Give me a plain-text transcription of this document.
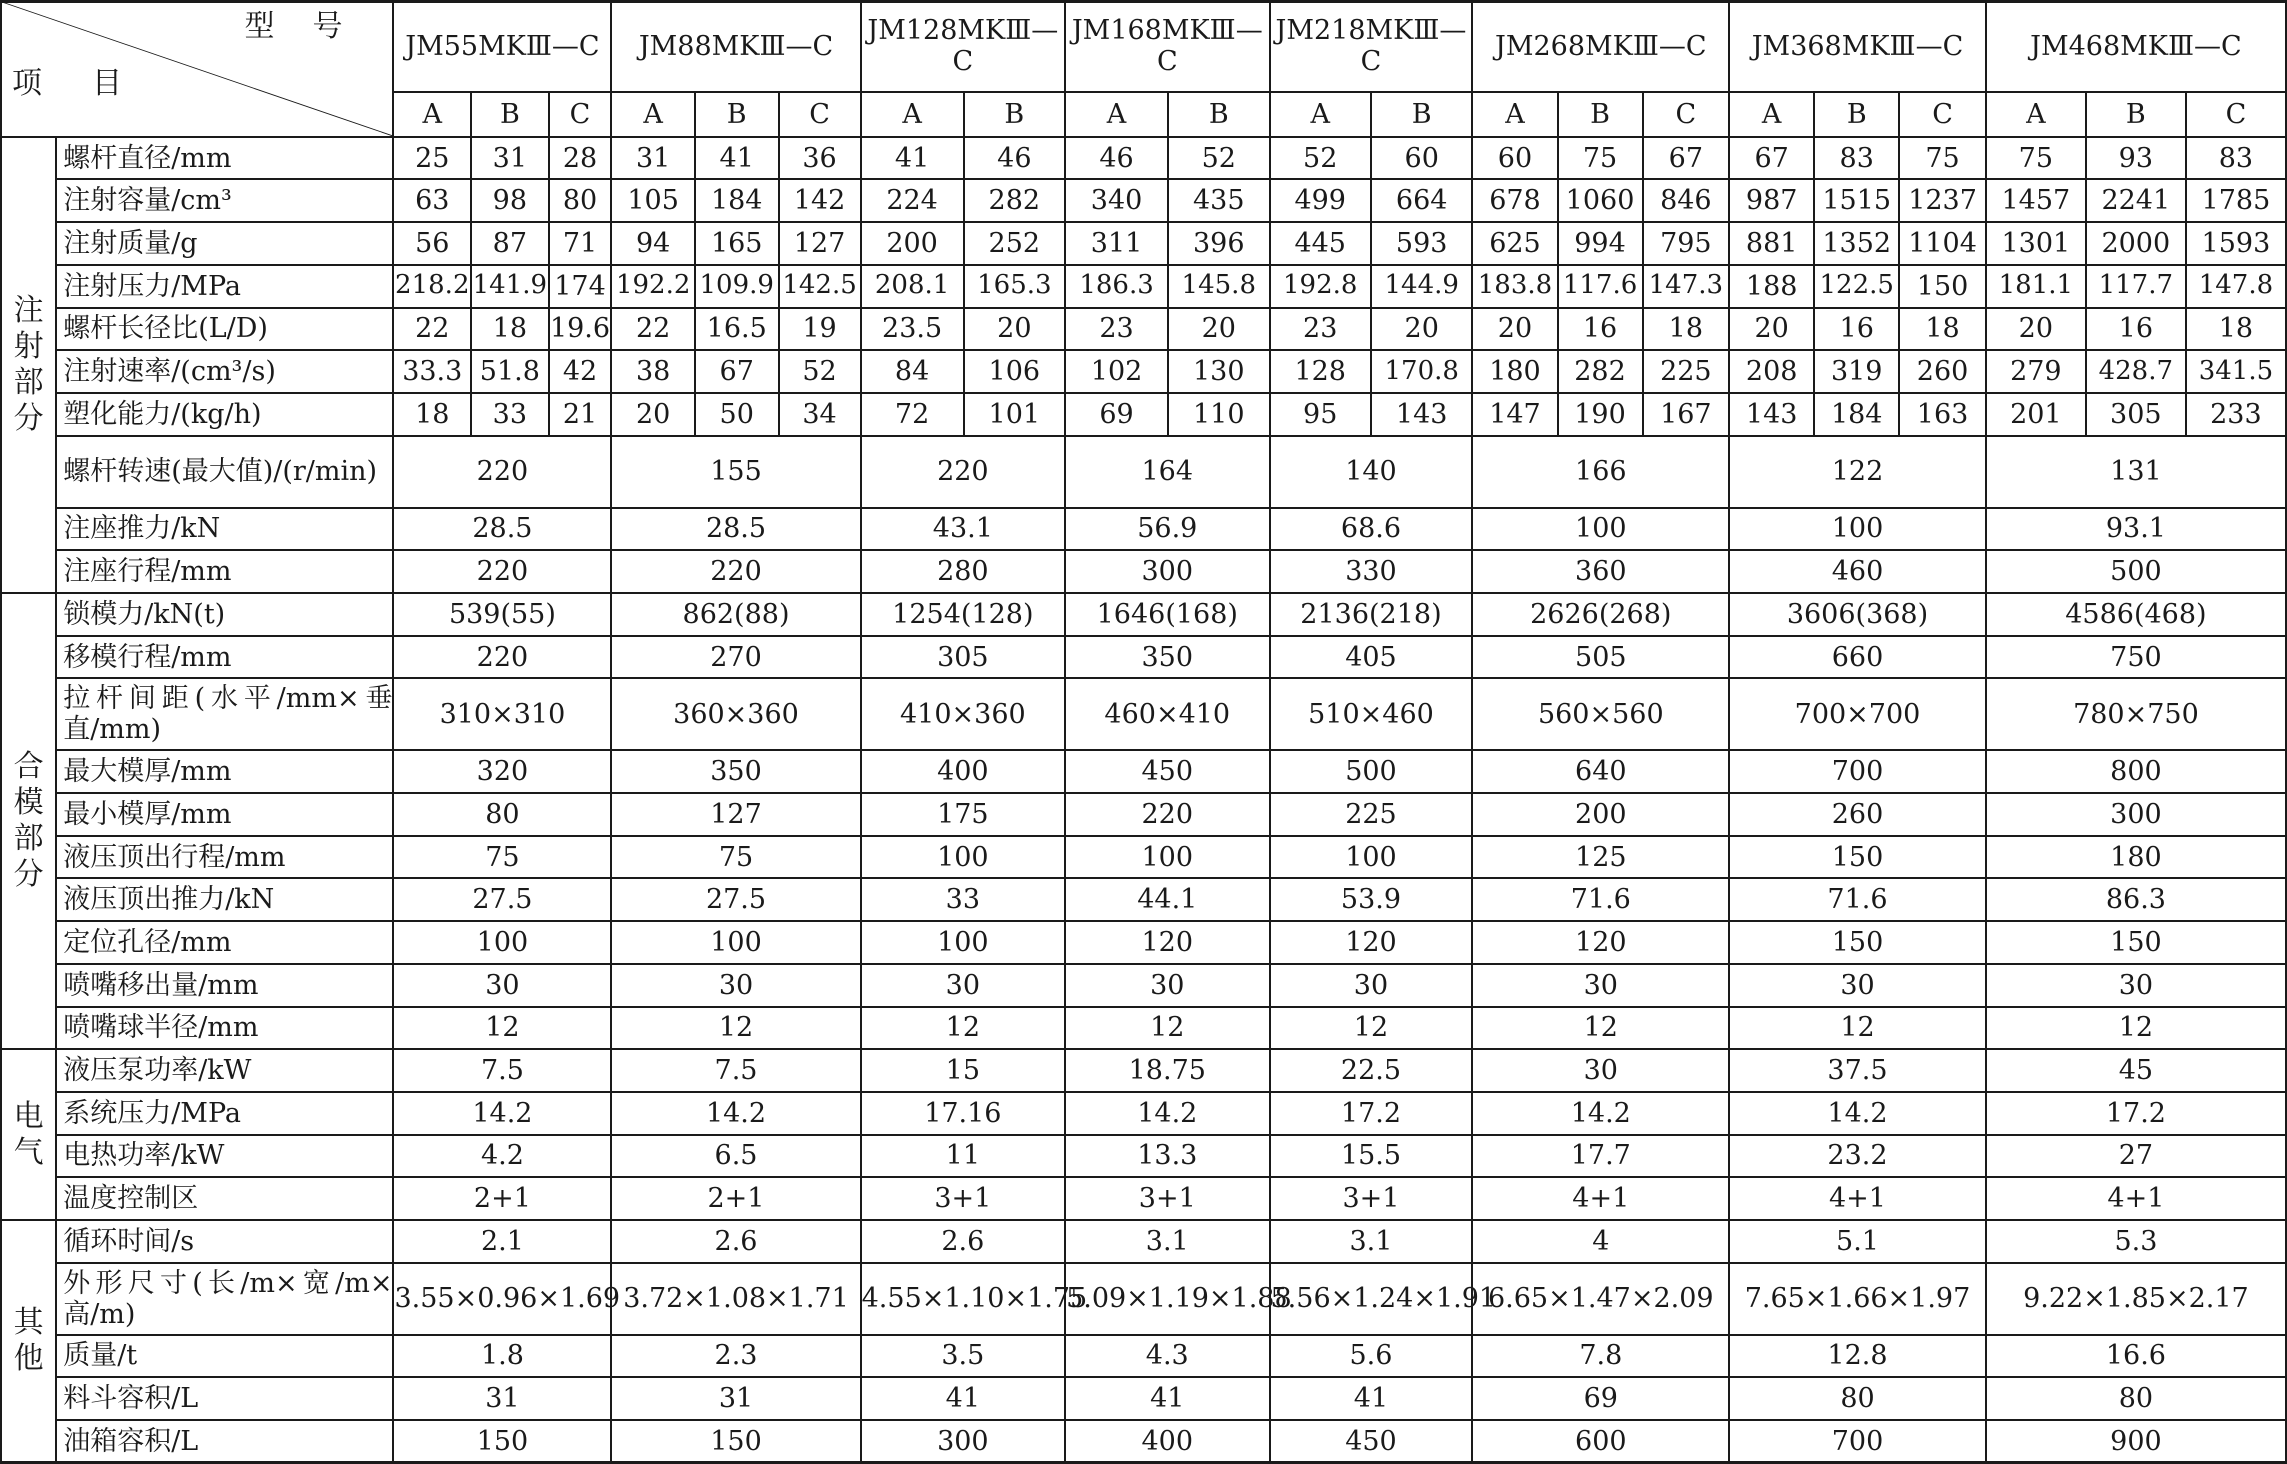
型号
项目		JM55MKⅢ—C			JM88MKⅢ—C			JM128MKⅢ—C		JM168MKⅢ—C		JM218MKⅢ—C		JM268MKⅢ—C			JM368MKⅢ—C			JM468MKⅢ—C		
		A	B	C	A	B	C	A	B	A	B	A	B	A	B	C	A	B	C	A	B	C
注射部分	螺杆直径/mm	25	31	28	31	41	36	41	46	46	52	52	60	60	75	67	67	83	75	75	93	83
	注射容量/cm³	63	98	80	105	184	142	224	282	340	435	499	664	678	1060	846	987	1515	1237	1457	2241	1785
	注射质量/g	56	87	71	94	165	127	200	252	311	396	445	593	625	994	795	881	1352	1104	1301	2000	1593
	注射压力/MPa	218.2	141.9	174	192.2	109.9	142.5	208.1	165.3	186.3	145.8	192.8	144.9	183.8	117.6	147.3	188	122.5	150	181.1	117.7	147.8
	螺杆长径比(L/D)	22	18	19.6	22	16.5	19	23.5	20	23	20	23	20	20	16	18	20	16	18	20	16	18
	注射速率/(cm³/s)	33.3	51.8	42	38	67	52	84	106	102	130	128	170.8	180	282	225	208	319	260	279	428.7	341.5
	塑化能力/(kg/h)	18	33	21	20	50	34	72	101	69	110	95	143	147	190	167	143	184	163	201	305	233
	螺杆转速(最大值)/(r/min)	220			155			220		164		140		166			122			131		
	注座推力/kN	28.5			28.5			43.1		56.9		68.6		100			100			93.1		
	注座行程/mm	220			220			280		300		330		360			460			500		
合模部分	锁模力/kN(t)	539(55)			862(88)			1254(128)		1646(168)		2136(218)		2626(268)			3606(368)			4586(468)		
	移模行程/mm	220			270			305		350		405		505			660			750		
	拉杆间距(水平/mm×垂直/mm)	310×310			360×360			410×360		460×410		510×460		560×560			700×700			780×750		
	最大模厚/mm	320			350			400		450		500		640			700			800		
	最小模厚/mm	80			127			175		220		225		200			260			300		
	液压顶出行程/mm	75			75			100		100		100		125			150			180		
	液压顶出推力/kN	27.5			27.5			33		44.1		53.9		71.6			71.6			86.3		
	定位孔径/mm	100			100			100		120		120		120			150			150		
	喷嘴移出量/mm	30			30			30		30		30		30			30			30		
	喷嘴球半径/mm	12			12			12		12		12		12			12			12		
电气	液压泵功率/kW	7.5			7.5			15		18.75		22.5		30			37.5			45		
	系统压力/MPa	14.2			14.2			17.16		14.2		17.2		14.2			14.2			17.2		
	电热功率/kW	4.2			6.5			11		13.3		15.5		17.7			23.2			27		
	温度控制区	2+1			2+1			3+1		3+1		3+1		4+1			4+1			4+1		
其他	循环时间/s	2.1			2.6			2.6		3.1		3.1		4			5.1			5.3		
	外形尺寸(长/m×宽/m×高/m)	3.55×0.96×1.69			3.72×1.08×1.71			4.55×1.10×1.75		5.09×1.19×1.88		5.56×1.24×1.91		6.65×1.47×2.09			7.65×1.66×1.97			9.22×1.85×2.17		
	质量/t	1.8			2.3			3.5		4.3		5.6		7.8			12.8			16.6		
	料斗容积/L	31			31			41		41		41		69			80			80		
	油箱容积/L	150			150			300		400		450		600			700			900		
